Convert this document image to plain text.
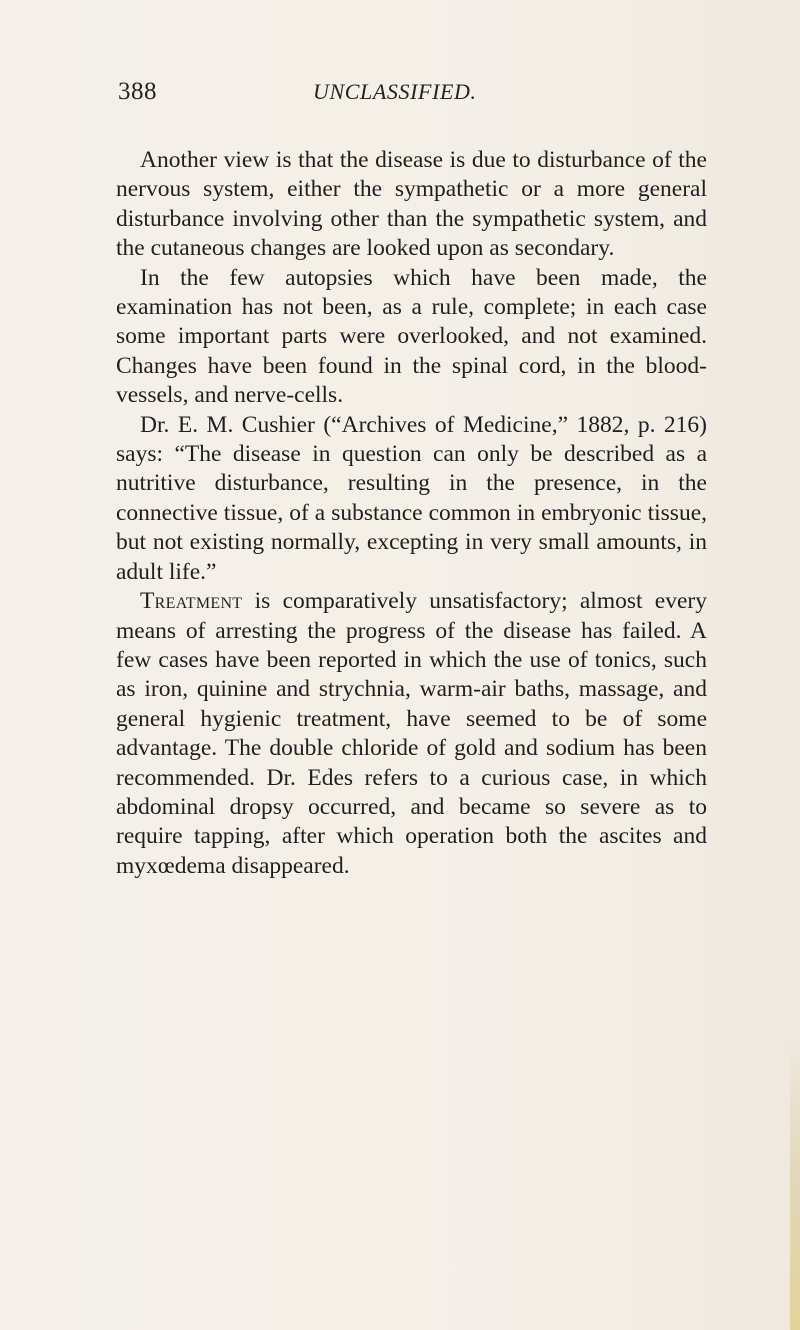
388	UNCLASSIFIED.

Another view is that the disease is due to disturbance of the nervous system, either the sympathetic or a more general disturbance involving other than the sympathetic system, and the cutaneous changes are looked upon as secondary.

In the few autopsies which have been made, the examination has not been, as a rule, complete; in each case some important parts were overlooked, and not examined. Changes have been found in the spinal cord, in the blood-vessels, and nerve-cells.

Dr. E. M. Cushier (“Archives of Medicine,” 1882, p. 216) says: “The disease in question can only be described as a nutritive disturbance, resulting in the presence, in the connective tissue, of a substance common in embryonic tissue, but not existing normally, excepting in very small amounts, in adult life.”

Treatment is comparatively unsatisfactory; almost every means of arresting the progress of the disease has failed. A few cases have been reported in which the use of tonics, such as iron, quinine and strychnia, warm-air baths, massage, and general hygienic treatment, have seemed to be of some advantage. The double chloride of gold and sodium has been recommended. Dr. Edes refers to a curious case, in which abdominal dropsy occurred, and became so severe as to require tapping, after which operation both the ascites and myxœdema disappeared.
